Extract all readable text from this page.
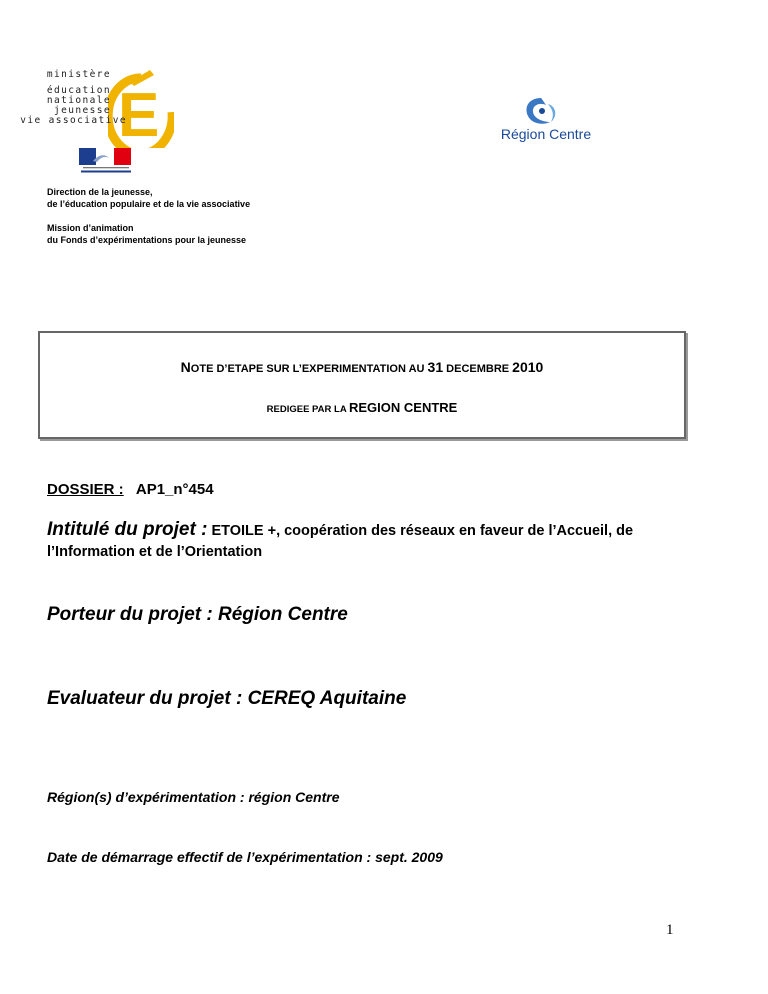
E
ministère
éducation
nationale
jeunesse
vie associative
Région Centre
Direction de la jeunesse,
de l’éducation populaire et de la vie associative
Mission d’animation
du Fonds d’expérimentations pour la jeunesse
NOTE D’ETAPE SUR L’EXPERIMENTATION AU 31 DECEMBRE 2010
REDIGEE PAR LA REGION CENTRE
DOSSIER : AP1_n°454
Intitulé du projet : ETOILE +, coopération des réseaux en faveur de l’Accueil, de
l’Information et de l’Orientation
Porteur du projet : Région Centre
Evaluateur du projet : CEREQ Aquitaine
Région(s) d’expérimentation : région Centre
Date de démarrage effectif de l’expérimentation : sept. 2009
1
